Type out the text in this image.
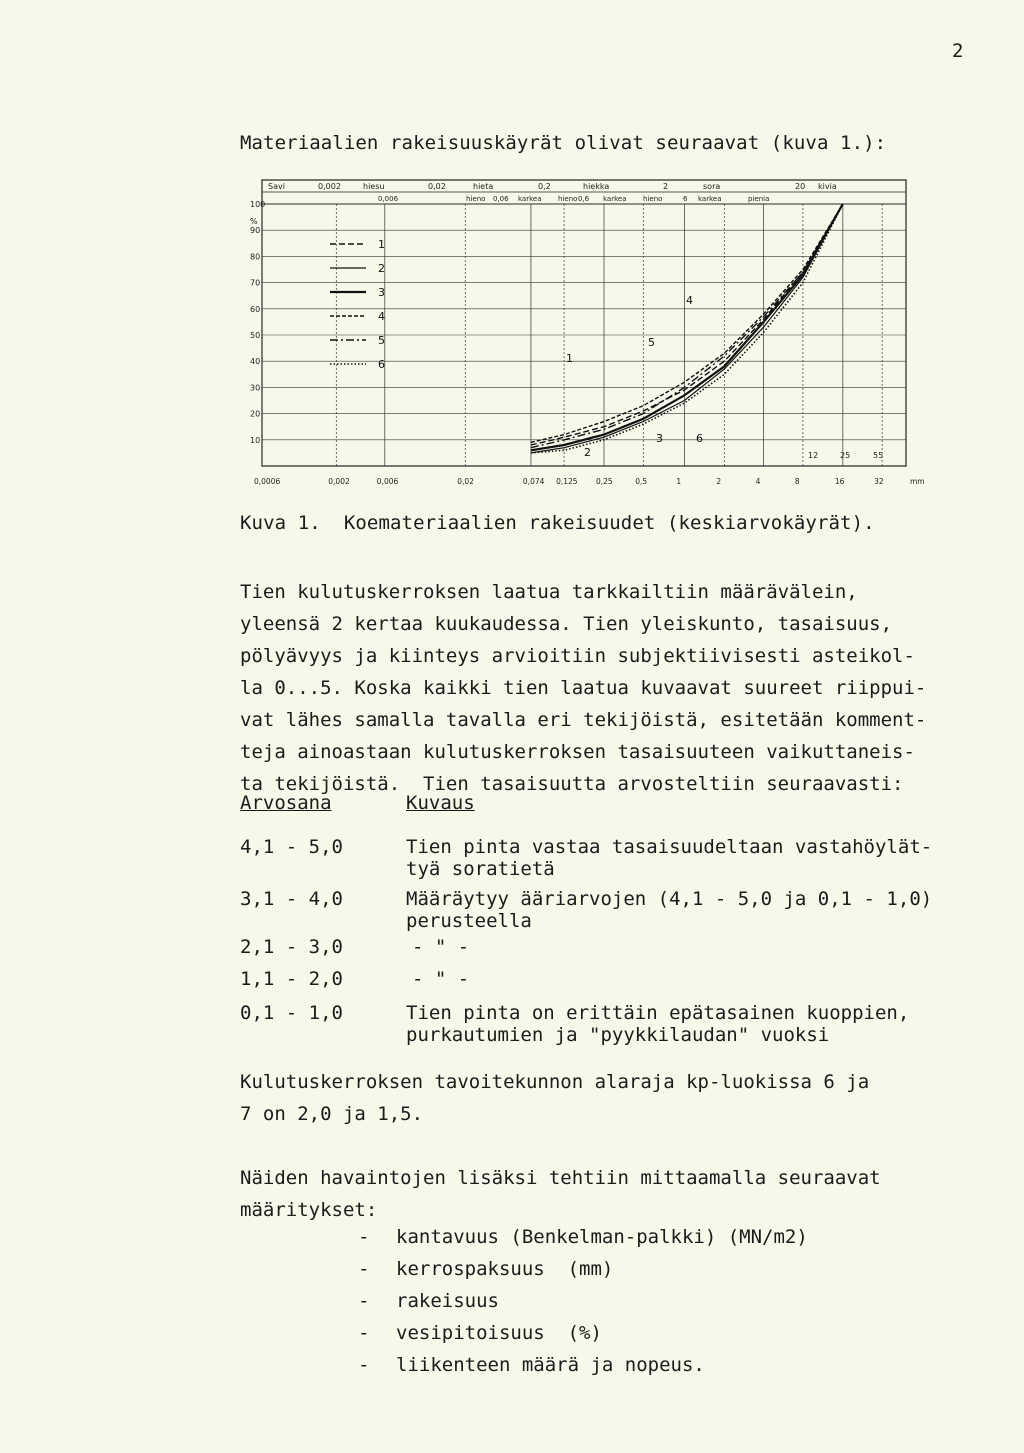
2
Materiaalien rakeisuuskäyrät olivat seuraavat (kuva 1.):
Savi	0,002	hiesu	0,02	hieta	0,2	hiekka	2	sora	20 kivia
0,006	hieno 0,06 karkea hieno 0,6 karkea hieno	6 karkea	pienia
100
90
80
70
60
50
40
30
20
10
%
0,0006	0,002	0,006	0,02	0,074 0,125 0,25	0,5	1	2	4	8	16	32	mm
12	25	55
1
2
3
4
5
6	1
2
3
4
5
6
Kuva 1.  Koemateriaalien rakeisuudet (keskiarvokäyrät).
Tien kulutuskerroksen laatua tarkkailtiin määrävälein,
yleensä 2 kertaa kuukaudessa. Tien yleiskunto, tasaisuus,
pölyävyys ja kiinteys arvioitiin subjektiivisesti asteikol-
la 0...5. Koska kaikki tien laatua kuvaavat suureet riippui-
vat lähes samalla tavalla eri tekijöistä, esitetään komment-
teja ainoastaan kulutuskerroksen tasaisuuteen vaikuttaneis-
ta tekijöistä.  Tien tasaisuutta arvosteltiin seuraavasti:
Arvosana	Kuvaus
4,1 - 5,0	Tien pinta vastaa tasaisuudeltaan vastahöylät-
tyä soratietä
3,1 - 4,0	Määräytyy ääriarvojen (4,1 - 5,0 ja 0,1 - 1,0)
perusteella
2,1 - 3,0	- " -
1,1 - 2,0	- " -
0,1 - 1,0	Tien pinta on erittäin epätasainen kuoppien,
purkautumien ja "pyykkilaudan" vuoksi
Kulutuskerroksen tavoitekunnon alaraja kp-luokissa 6 ja
7 on 2,0 ja 1,5.
Näiden havaintojen lisäksi tehtiin mittaamalla seuraavat
määritykset:
- kantavuus (Benkelman-palkki) (MN/m2)
- kerrospaksuus  (mm)
- rakeisuus
- vesipitoisuus  (%)
- liikenteen määrä ja nopeus.
